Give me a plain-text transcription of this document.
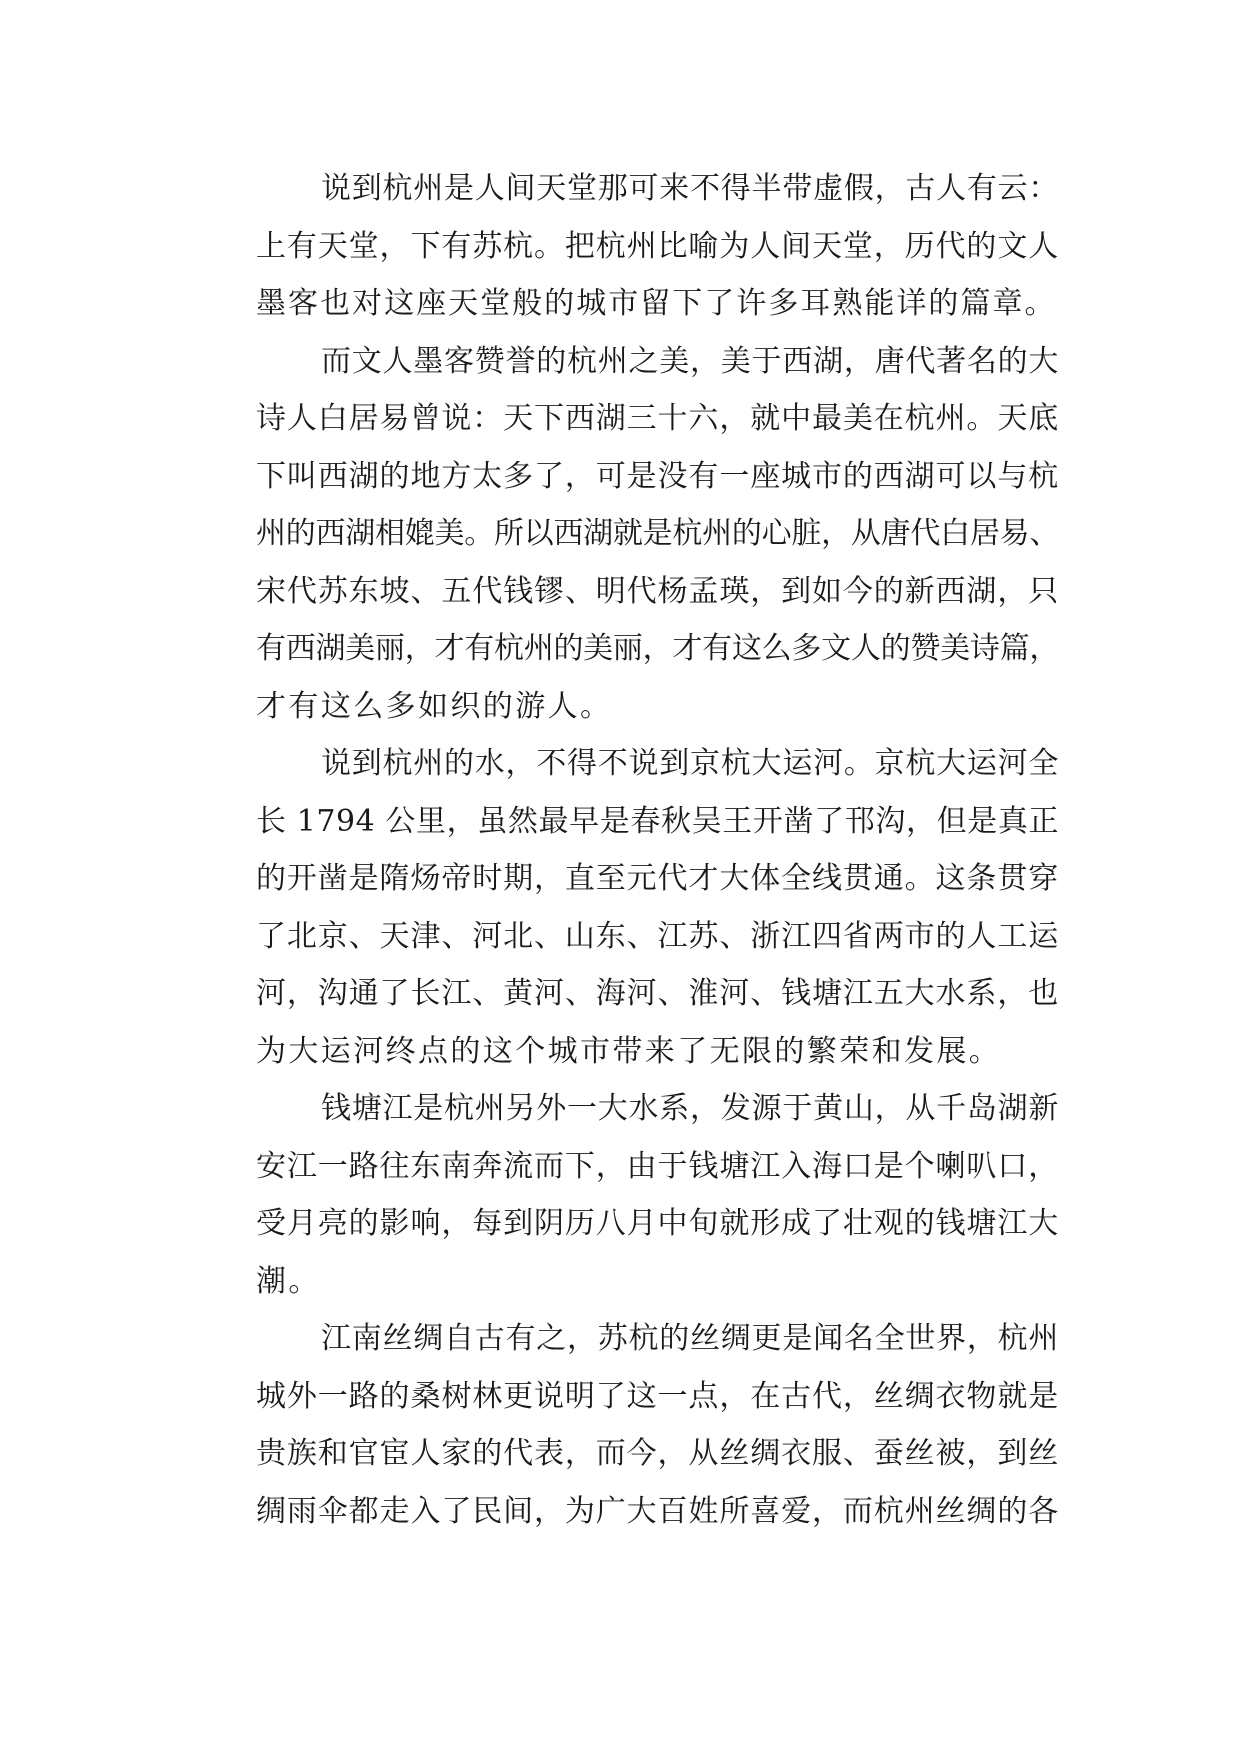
说到杭州是人间天堂那可来不得半带虚假，古人有云：
上有天堂，下有苏杭。把杭州比喻为人间天堂，历代的文人
墨客也对这座天堂般的城市留下了许多耳熟能详的篇章。
而文人墨客赞誉的杭州之美，美于西湖，唐代著名的大
诗人白居易曾说：天下西湖三十六，就中最美在杭州。天底
下叫西湖的地方太多了，可是没有一座城市的西湖可以与杭
州的西湖相媲美。所以西湖就是杭州的心脏，从唐代白居易、
宋代苏东坡、五代钱镠、明代杨孟瑛，到如今的新西湖，只
有西湖美丽，才有杭州的美丽，才有这么多文人的赞美诗篇，
才有这么多如织的游人。
说到杭州的水，不得不说到京杭大运河。京杭大运河全
长 1794 公里，虽然最早是春秋吴王开凿了邗沟，但是真正
的开凿是隋炀帝时期，直至元代才大体全线贯通。这条贯穿
了北京、天津、河北、山东、江苏、浙江四省两市的人工运
河，沟通了长江、黄河、海河、淮河、钱塘江五大水系，也
为大运河终点的这个城市带来了无限的繁荣和发展。
钱塘江是杭州另外一大水系，发源于黄山，从千岛湖新
安江一路往东南奔流而下，由于钱塘江入海口是个喇叭口，
受月亮的影响，每到阴历八月中旬就形成了壮观的钱塘江大
潮。
江南丝绸自古有之，苏杭的丝绸更是闻名全世界，杭州
城外一路的桑树林更说明了这一点，在古代，丝绸衣物就是
贵族和官宦人家的代表，而今，从丝绸衣服、蚕丝被，到丝
绸雨伞都走入了民间，为广大百姓所喜爱，而杭州丝绸的各
